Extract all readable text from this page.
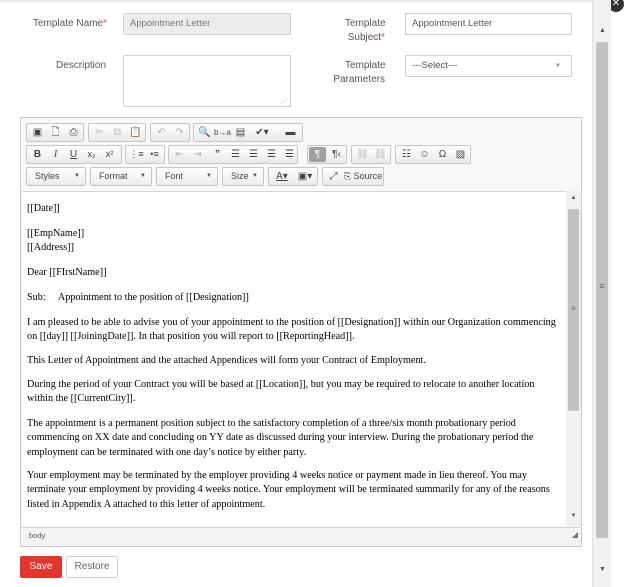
✕
Template Name*	Appointment Letter	Template
Subject*
Appointment Letter
Description
⋰
Template
Parameters
---Select---	▼
▣ 🗋 ⎙	✂	⧉ 📋	↶ ↷	🔍 b→a ▤	✔▾	▬
B	I	U	x₂	x²	⋮≡ •≡	⇤ ⇥	”	☰ ☰ ☰ ☰	¶	¶‹	⛓ ⛓	☷ ☺ Ω ▨
Styles ▼	Format ▼	Font	▼	Size ▼	A▾ ▣▾	⤢ ⎘ Source

[[Date]]

[[EmpName]]

[[Address]]

Dear [[FIrstName]]

Sub:     Appointment to the position of [[Designation]]

I am pleased to be able to advise you of your appointment to the position of [[Designation]] within our Organization commencing on [[day]] [[JoiningDate]]. In that position you will report to [[ReportingHead]].

This Letter of Appointment and the attached Appendices will form your Contract of Employment.

During the period of your Contract you will be based at [[Location]], but you may be required to relocate to another location within the [[CurrentCity]].

The appointment is a permanent position subject to the satisfactory completion of a three/six month probationary period commencing on XX date and concluding on YY date as discussed during your interview. During the probationary period the employment can be terminated with one day’s notice by either party.

Your employment may be terminated by the employer providing 4 weeks notice or payment made in lieu thereof. You may terminate your employment by providing 4 weeks notice. Your employment will be terminated summarily for any of the reasons listed in Appendix A attached to this letter of appointment.

▲
≡
▼
body	◢
Save	Restore
▲
≡
▼
